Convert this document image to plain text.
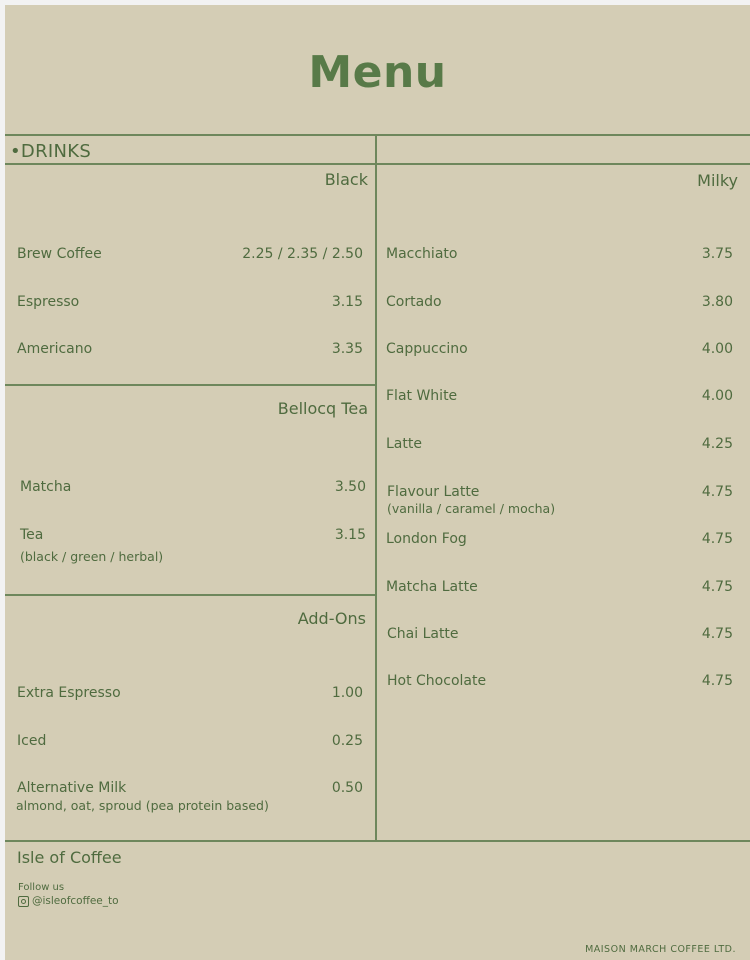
Menu
•DRINKS
Black
Brew Coffee	2.25 / 2.35 / 2.50
Espresso	3.15
Americano	3.35
Bellocq Tea
Matcha	3.50
Tea	3.15
(black / green / herbal)
Add-Ons
Extra Espresso	1.00
Iced	0.25
Alternative Milk	0.50
almond, oat, sproud (pea protein based)
Milky
Macchiato	3.75
Cortado	3.80
Cappuccino	4.00
Flat White	4.00
Latte	4.25
Flavour Latte	4.75
(vanilla / caramel / mocha)
London Fog	4.75
Matcha Latte	4.75
Chai Latte	4.75
Hot Chocolate	4.75
Isle of Coffee
Follow us
@isleofcoffee_to
MAISON MARCH COFFEE LTD.
